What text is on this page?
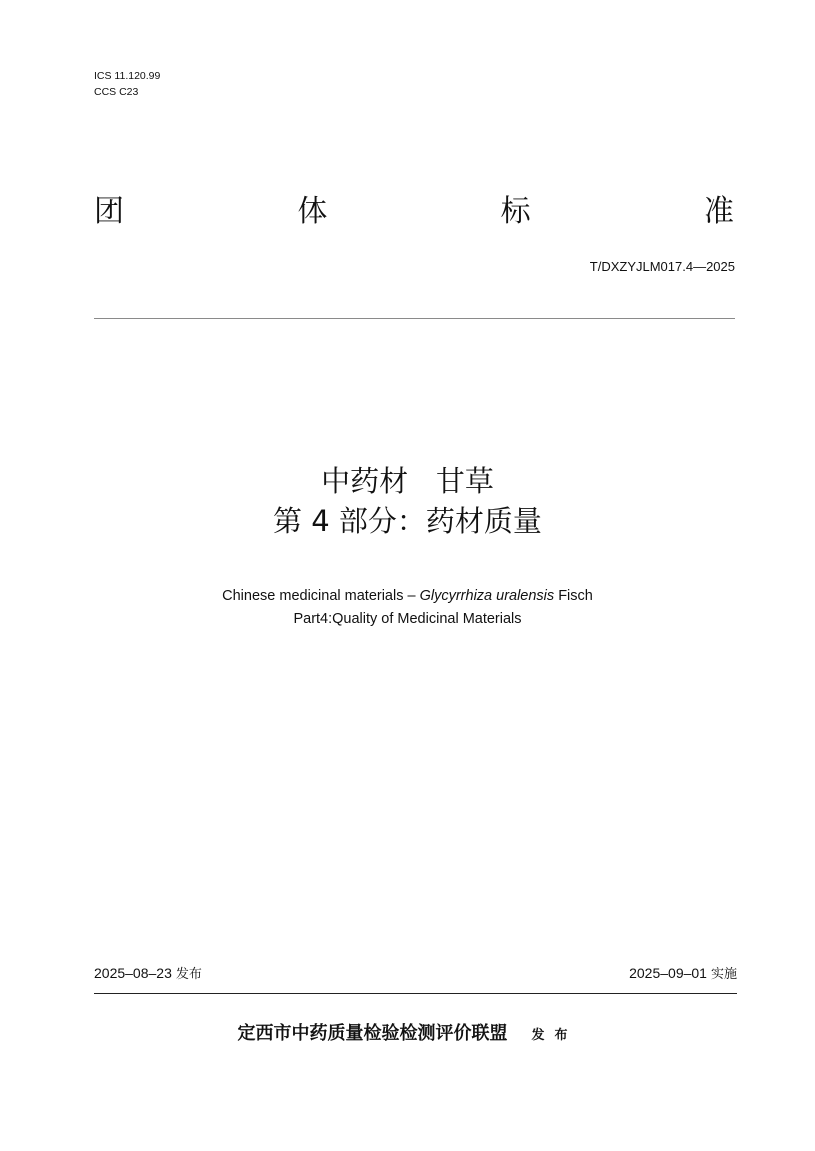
ICS 11.120.99
CCS C23
团	体	标	准
T/DXZYJLM017.4—2025
中药材   甘草
第 4 部分：药材质量
Chinese medicinal materials – Glycyrrhiza uralensis Fisch
Part4:Quality of Medicinal Materials
2025–08–23 发布	2025–09–01 实施
定西市中药质量检验检测评价联盟 发布
